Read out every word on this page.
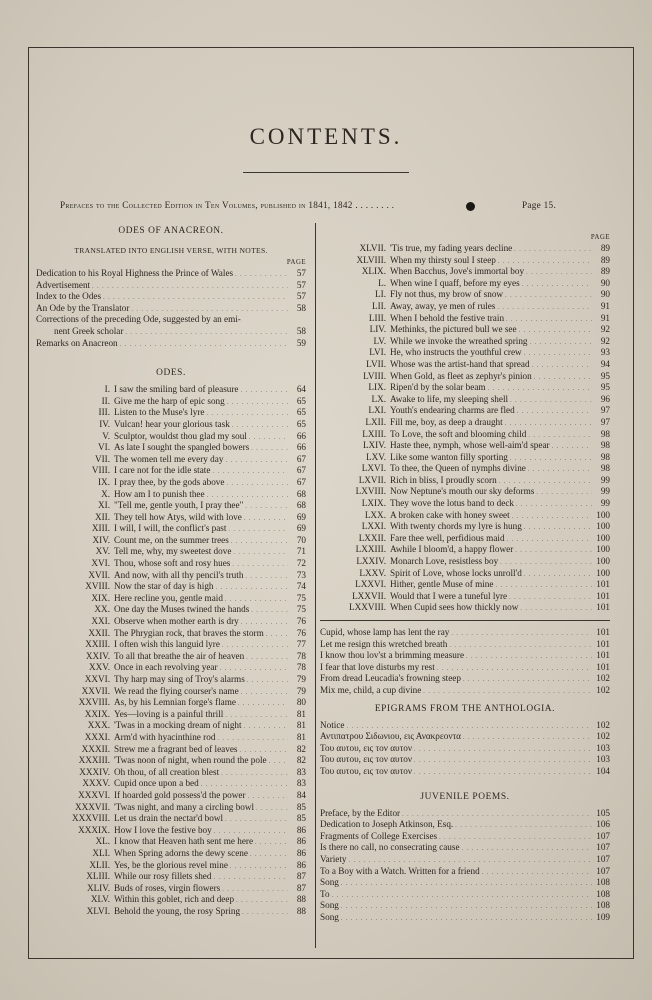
CONTENTS.
Prefaces to the Collected Edition in Ten Volumes, published in 1841, 1842 . . . . . . . .	Page 15.
ODES OF ANACREON.
TRANSLATED INTO ENGLISH VERSE, WITH NOTES.
PAGE
Dedication to his Royal Highness the Prince of Wales . . .	57
Advertisement . . .	57
Index to the Odes . . .	57
An Ode by the Translator . . .	58
Corrections of the preceding Ode, suggested by an emi-
nent Greek scholar . . .	58
Remarks on Anacreon . . .	59
ODES.
I. I saw the smiling bard of pleasure . . .	64
II. Give me the harp of epic song . . .	65
III. Listen to the Muse's lyre . . .	65
IV. Vulcan! hear your glorious task . . .	65
V. Sculptor, wouldst thou glad my soul . . .	66
VI. As late I sought the spangled bowers . . .	66
VII. The women tell me every day . . .	67
VIII. I care not for the idle state . . .	67
IX. I pray thee, by the gods above . . .	67
X. How am I to punish thee . . .	68
XI. "Tell me, gentle youth, I pray thee" . . .	68
XII. They tell how Atys, wild with love . . .	69
XIII. I will, I will, the conflict's past . . .	69
XIV. Count me, on the summer trees . . .	70
XV. Tell me, why, my sweetest dove . . .	71
XVI. Thou, whose soft and rosy hues . . .	72
XVII. And now, with all thy pencil's truth . . .	73
XVIII. Now the star of day is high . . .	74
XIX. Here recline you, gentle maid . . .	75
XX. One day the Muses twined the hands . . .	75
XXI. Observe when mother earth is dry . . .	76
XXII. The Phrygian rock, that braves the storm . . .	76
XXIII. I often wish this languid lyre . . .	77
XXIV. To all that breathe the air of heaven . . .	78
XXV. Once in each revolving year . . .	78
XXVI. Thy harp may sing of Troy's alarms . . .	79
XXVII. We read the flying courser's name . . .	79
XXVIII. As, by his Lemnian forge's flame . . .	80
XXIX. Yes—loving is a painful thrill . . .	81
XXX. 'Twas in a mocking dream of night . . .	81
XXXI. Arm'd with hyacinthine rod . . .	81
XXXII. Strew me a fragrant bed of leaves . . .	82
XXXIII. 'Twas noon of night, when round the pole . . .	82
XXXIV. Oh thou, of all creation blest . . .	83
XXXV. Cupid once upon a bed . . .	83
XXXVI. If hoarded gold possess'd the power . . .	84
XXXVII. 'Twas night, and many a circling bowl . . .	85
XXXVIII. Let us drain the nectar'd bowl . . .	85
XXXIX. How I love the festive boy . . .	86
XL. I know that Heaven hath sent me here . . .	86
XLI. When Spring adorns the dewy scene . . .	86
XLII. Yes, be the glorious revel mine . . .	86
XLIII. While our rosy fillets shed . . .	87
XLIV. Buds of roses, virgin flowers . . .	87
XLV. Within this goblet, rich and deep . . .	88
XLVI. Behold the young, the rosy Spring . . .	88
PAGE
XLVII. 'Tis true, my fading years decline . . .	89
XLVIII. When my thirsty soul I steep . . .	89
XLIX. When Bacchus, Jove's immortal boy . . .	89
L. When wine I quaff, before my eyes . . .	90
LI. Fly not thus, my brow of snow . . .	90
LII. Away, away, ye men of rules . . .	91
LIII. When I behold the festive train . . .	91
LIV. Methinks, the pictured bull we see . . .	92
LV. While we invoke the wreathed spring . . .	92
LVI. He, who instructs the youthful crew . . .	93
LVII. Whose was the artist-hand that spread . . .	94
LVIII. When Gold, as fleet as zephyr's pinion . . .	95
LIX. Ripen'd by the solar beam . . .	95
LX. Awake to life, my sleeping shell . . .	96
LXI. Youth's endearing charms are fled . . .	97
LXII. Fill me, boy, as deep a draught . . .	97
LXIII. To Love, the soft and blooming child . . .	98
LXIV. Haste thee, nymph, whose well-aim'd spear . . .	98
LXV. Like some wanton filly sporting . . .	98
LXVI. To thee, the Queen of nymphs divine . . .	98
LXVII. Rich in bliss, I proudly scorn . . .	99
LXVIII. Now Neptune's mouth our sky deforms . . .	99
LXIX. They wove the lotus band to deck . . .	99
LXX. A broken cake with honey sweet . . .	100
LXXI. With twenty chords my lyre is hung . . .	100
LXXII. Fare thee well, perfidious maid . . .	100
LXXIII. Awhile I bloom'd, a happy flower . . .	100
LXXIV. Monarch Love, resistless boy . . .	100
LXXV. Spirit of Love, whose locks unroll'd . . .	100
LXXVI. Hither, gentle Muse of mine . . .	101
LXXVII. Would that I were a tuneful lyre . . .	101
LXXVIII. When Cupid sees how thickly now . . .	101
Cupid, whose lamp has lent the ray . . .	101
Let me resign this wretched breath . . .	101
I know thou lov'st a brimming measure . . .	101
I fear that love disturbs my rest . . .	101
From dread Leucadia's frowning steep . . .	102
Mix me, child, a cup divine . . .	102
EPIGRAMS FROM THE ANTHOLOGIA.
Notice . . .	102
Αντιπατρου Σιδωνιου, εις Ανακρεοντα . . .	102
Του αυτου, εις τον αυτον . . .	103
Του αυτου, εις τον αυτον . . .	103
Του αυτου, εις τον αυτον . . .	104
JUVENILE POEMS.
Preface, by the Editor . . .	105
Dedication to Joseph Atkinson, Esq. . . .	106
Fragments of College Exercises . . .	107
Is there no call, no consecrating cause . . .	107
Variety . . .	107
To a Boy with a Watch. Written for a friend . . .	107
Song . . .	108
To . . .	108
Song . . .	108
Song . . .	109
